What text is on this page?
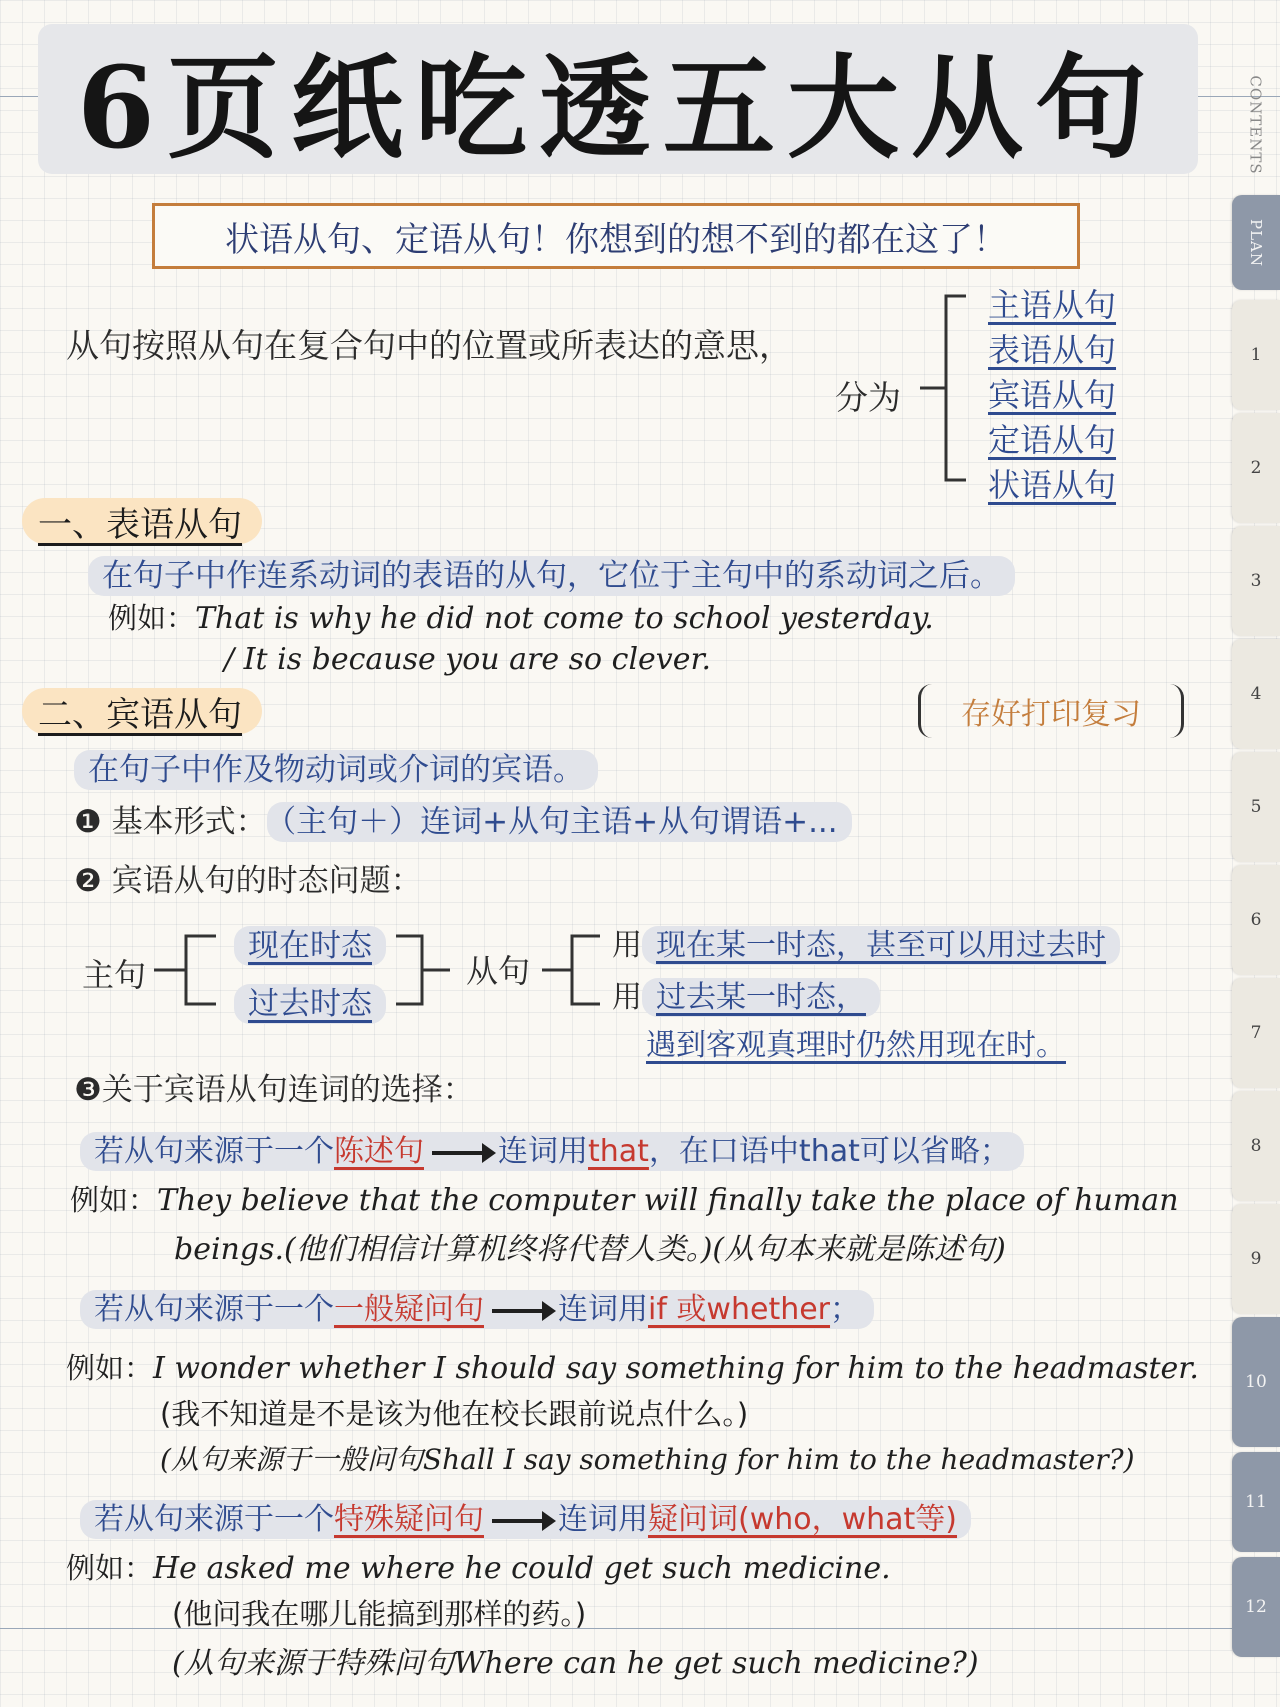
6页纸吃透五大从句
状语从句、定语从句！你想到的想不到的都在这了！
从句按照从句在复合句中的位置或所表达的意思，
分为
主语从句
表语从句
宾语从句
定语从句
状语从句
一、表语从句
在句子中作连系动词的表语的从句，它位于主句中的系动词之后。
例如：That is why he did not come to school yesterday.
/ It is because you are so clever.
二、宾语从句	存好打印复习
在句子中作及物动词或介词的宾语。
❶ 基本形式： （主句＋）连词+从句主语+从句谓语+...
❷ 宾语从句的时态问题：
主句
现在时态
过去时态
从句
用 现在某一时态，甚至可以用过去时
用 过去某一时态，
遇到客观真理时仍然用现在时。
❸关于宾语从句连词的选择：
若从句来源于一个陈述句 连词用that，在口语中that可以省略；
例如：They believe that the computer will finally take the place of human
beings.(他们相信计算机终将代替人类。)(从句本来就是陈述句)
若从句来源于一个一般疑问句 连词用if 或whether；
例如：I wonder whether I should say something for him to the headmaster.
(我不知道是不是该为他在校长跟前说点什么。)
(从句来源于一般问句Shall I say something for him to the headmaster?)
若从句来源于一个特殊疑问句 连词用疑问词(who，what等)
例如：He asked me where he could get such medicine.
(他问我在哪儿能搞到那样的药。)
(从句来源于特殊问句Where can he get such medicine?)
CONTENTS
PLAN
1
2
3
4
5
6
7
8
9
10
11
12
